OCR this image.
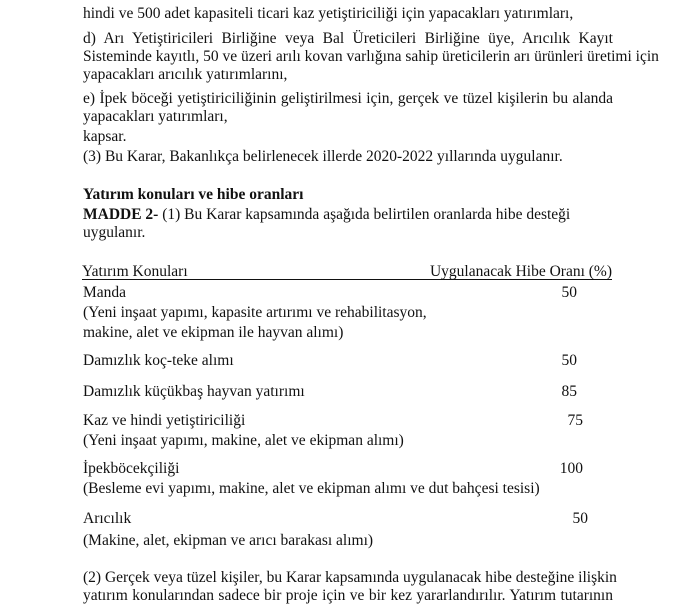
hindi ve 500 adet kapasiteli ticari kaz yetiştiriciliği için yapacakları yatırımları,
d) Arı Yetiştiricileri Birliğine veya Bal Üreticileri Birliğine üye, Arıcılık Kayıt
Sisteminde kayıtlı, 50 ve üzeri arılı kovan varlığına sahip üreticilerin arı ürünleri üretimi için
yapacakları arıcılık yatırımlarını,
e) İpek böceği yetiştiriciliğinin geliştirilmesi için, gerçek ve tüzel kişilerin bu alanda
yapacakları yatırımları,
kapsar.
(3) Bu Karar, Bakanlıkça belirlenecek illerde 2020-2022 yıllarında uygulanır.
Yatırım konuları ve hibe oranları
MADDE 2- (1) Bu Karar kapsamında aşağıda belirtilen oranlarda hibe desteği
uygulanır.
Yatırım Konuları	Uygulanacak Hibe Oranı (%)
Manda	50
(Yeni inşaat yapımı, kapasite artırımı ve rehabilitasyon,
makine, alet ve ekipman ile hayvan alımı)
Damızlık koç-teke alımı	50
Damızlık küçükbaş hayvan yatırımı	85
Kaz ve hindi yetiştiriciliği	75
(Yeni inşaat yapımı, makine, alet ve ekipman alımı)
İpekböcekçiliği	100
(Besleme evi yapımı, makine, alet ve ekipman alımı ve dut bahçesi tesisi)
Arıcılık	50
(Makine, alet, ekipman ve arıcı barakası alımı)
(2) Gerçek veya tüzel kişiler, bu Karar kapsamında uygulanacak hibe desteğine ilişkin
yatırım konularından sadece bir proje için ve bir kez yararlandırılır. Yatırım tutarının
